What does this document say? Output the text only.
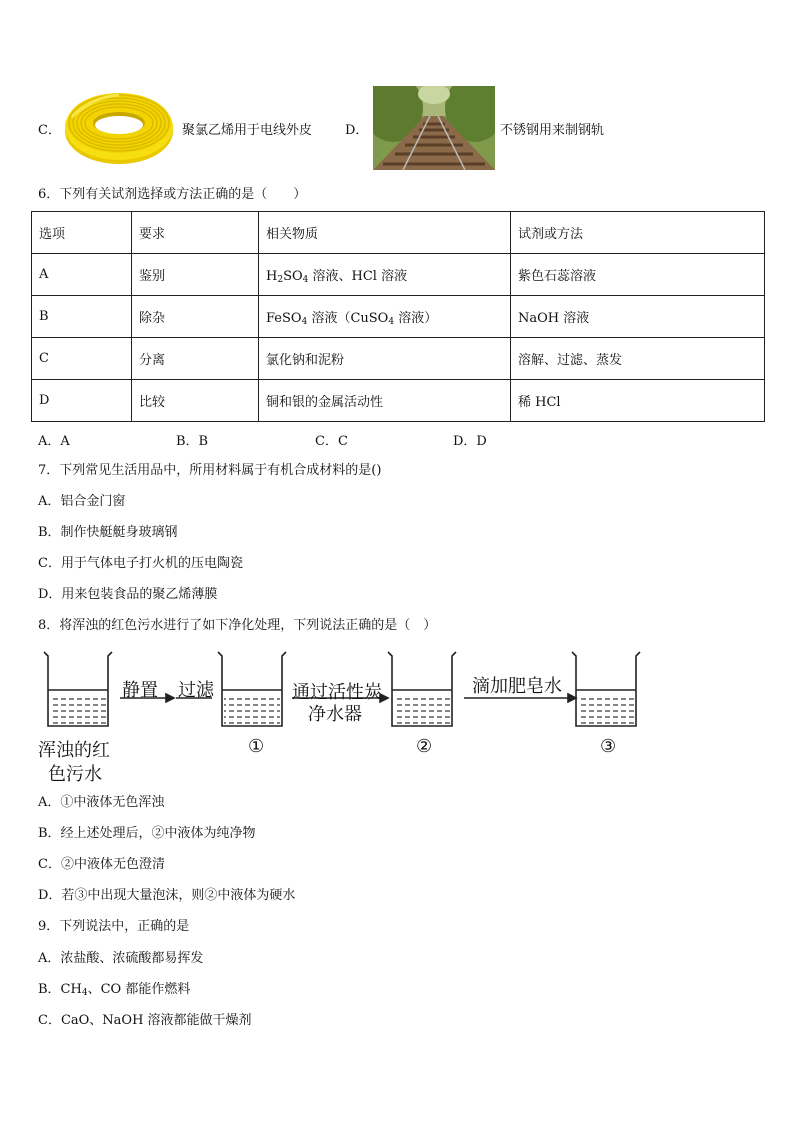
C．	聚氯乙烯用于电线外皮	D．	不锈钢用来制钢轨
6．下列有关试剂选择或方法正确的是（　　）
选项	要求	相关物质	试剂或方法
A	鉴别	$H_2SO_4$ 溶液、HCl 溶液	紫色石蕊溶液
B	除杂	FeSO$_4$ 溶液（CuSO$_4$ 溶液）	NaOH 溶液
C	分离	氯化钠和泥粉	溶解、过滤、蒸发
D	比较	铜和银的金属活动性	稀 HCl
A．A	B．B	C．C	D．D
7．下列常见生活用品中，所用材料属于有机合成材料的是()
A．铝合金门窗
B．制作快艇艇身玻璃钢
C．用于气体电子打火机的压电陶瓷
D．用来包装食品的聚乙烯薄膜
8．将浑浊的红色污水进行了如下净化处理，下列说法正确的是（　）
静置 过滤	通过活性炭
净水器
滴加肥皂水
浑浊的红
色污水
①	②	③
A．①中液体无色浑浊
B．经上述处理后，②中液体为纯净物
C．②中液体无色澄清
D．若③中出现大量泡沫，则②中液体为硬水
9．下列说法中，正确的是
A．浓盐酸、浓硫酸都易挥发
B．$CH_4$、CO 都能作燃料
C．CaO、NaOH 溶液都能做干燥剂
